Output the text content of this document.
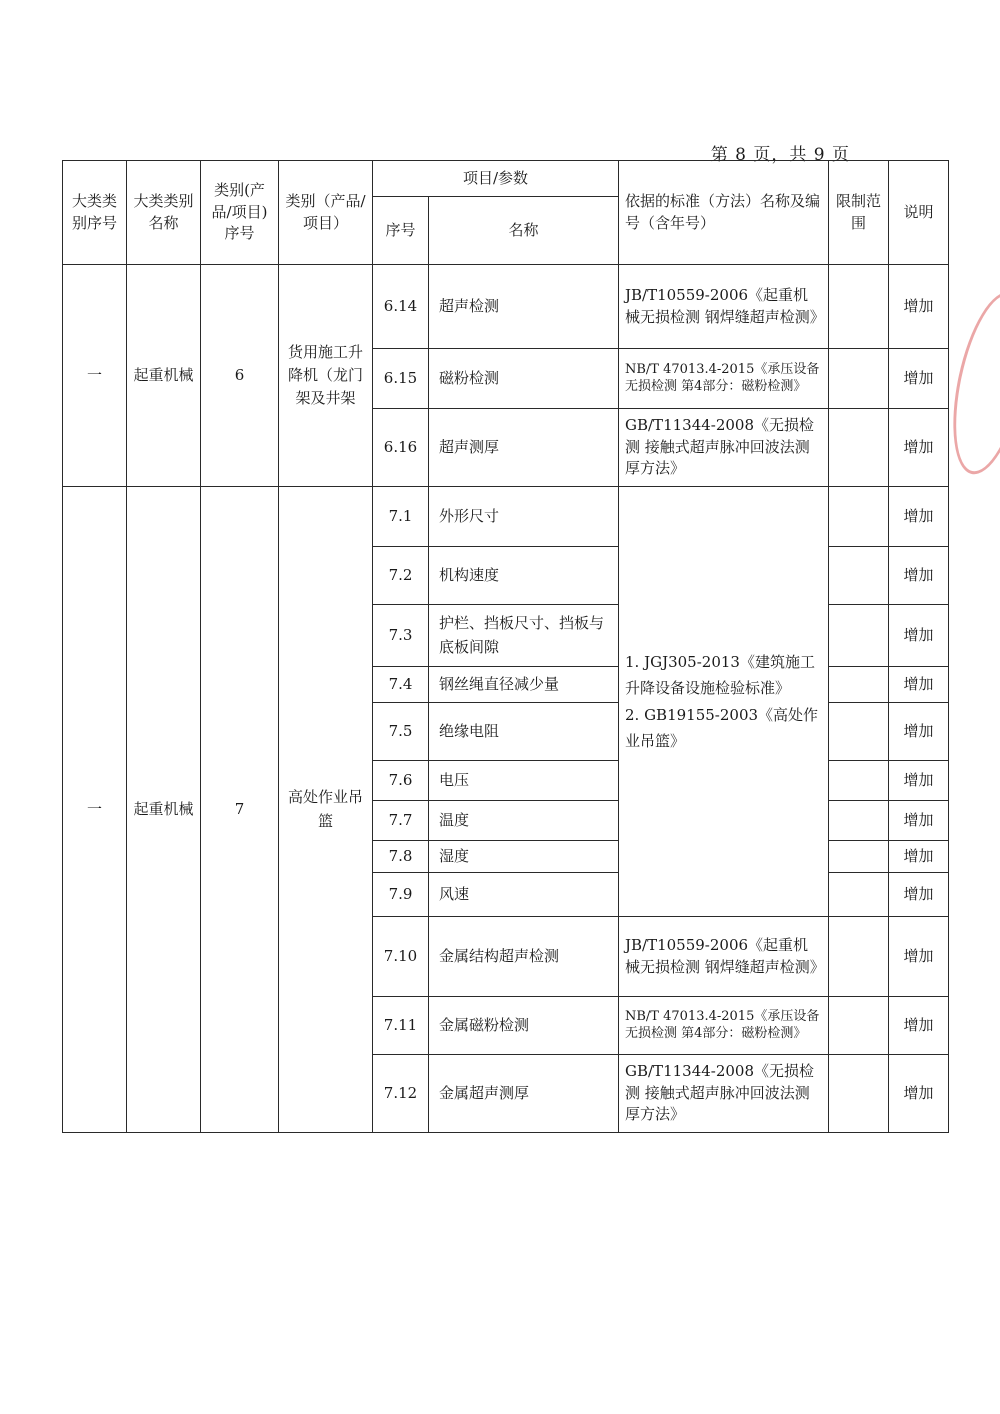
第 8 页，共 9 页
大类类别序号	大类类别名称	类别(产品/项目)序号	类别（产品/项目）	项目/参数		依据的标准（方法）名称及编号（含年号）	限制范围	说明
				序号	名称			
一	起重机械	6	货用施工升降机（龙门架及井架	6.14	超声检测	JB/T10559-2006《起重机械无损检测 钢焊缝超声检测》		增加
				6.15	磁粉检测	NB/T 47013.4-2015《承压设备无损检测 第4部分：磁粉检测》		增加
				6.16	超声测厚	GB/T11344-2008《无损检测 接触式超声脉冲回波法测厚方法》		增加
一	起重机械	7	高处作业吊篮	7.1	外形尺寸	1. JGJ305-2013《建筑施工升降设备设施检验标准》
2. GB19155-2003《高处作业吊篮》		增加
				7.2	机构速度			增加
				7.3	护栏、挡板尺寸、挡板与底板间隙			增加
				7.4	钢丝绳直径减少量			增加
				7.5	绝缘电阻			增加
				7.6	电压			增加
				7.7	温度			增加
				7.8	湿度			增加
				7.9	风速			增加
				7.10	金属结构超声检测	JB/T10559-2006《起重机械无损检测 钢焊缝超声检测》		增加
				7.11	金属磁粉检测	NB/T 47013.4-2015《承压设备无损检测 第4部分：磁粉检测》		增加
				7.12	金属超声测厚	GB/T11344-2008《无损检测 接触式超声脉冲回波法测厚方法》		增加
